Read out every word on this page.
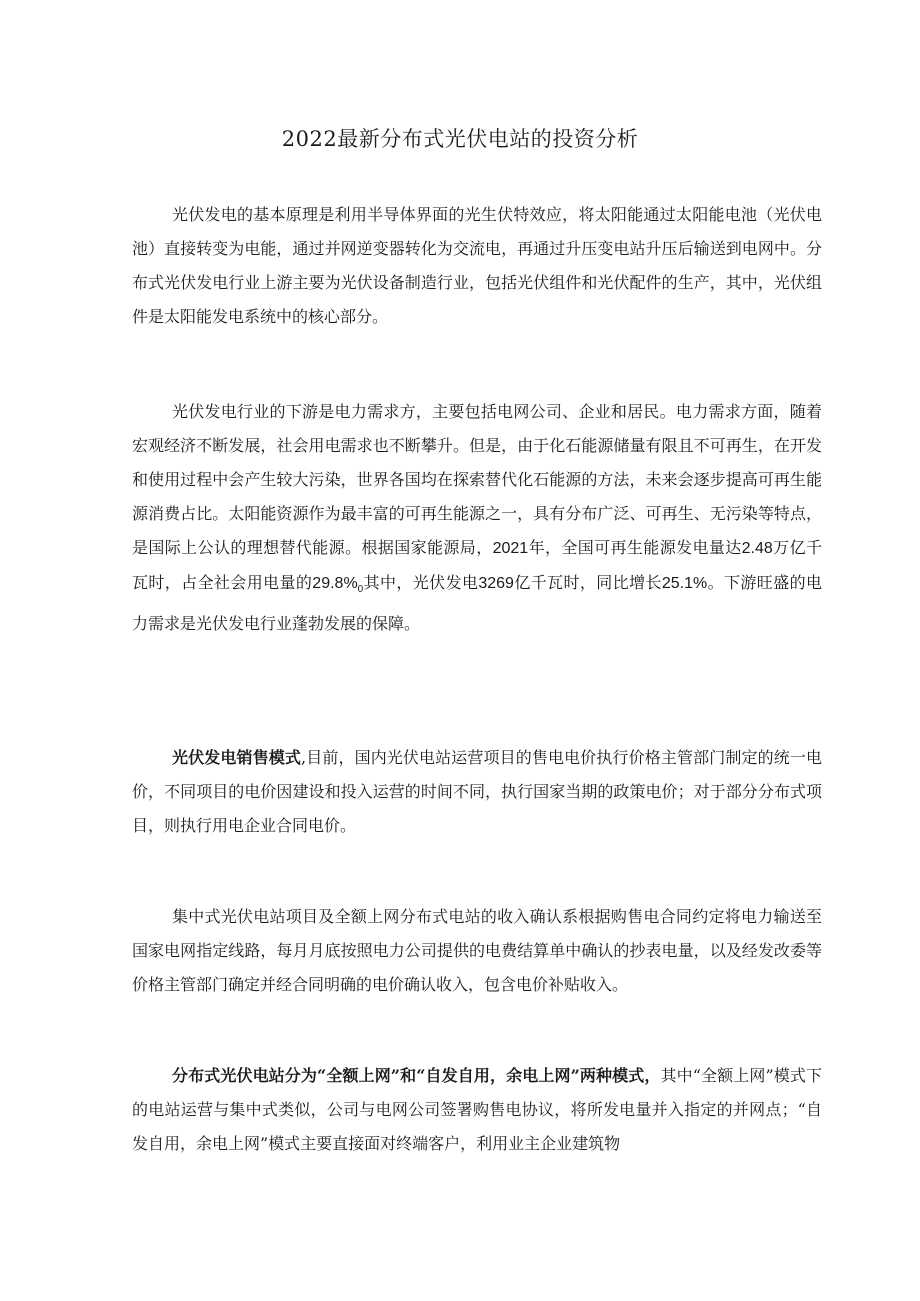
2022最新分布式光伏电站的投资分析

光伏发电的基本原理是利用半导体界面的光生伏特效应，将太阳能通过太阳能电池（光伏电池）直接转变为电能，通过并网逆变器转化为交流电，再通过升压变电站升压后输送到电网中。分布式光伏发电行业上游主要为光伏设备制造行业，包括光伏组件和光伏配件的生产，其中，光伏组件是太阳能发电系统中的核心部分。

光伏发电行业的下游是电力需求方，主要包括电网公司、企业和居民。电力需求方面，随着宏观经济不断发展，社会用电需求也不断攀升。但是，由于化石能源储量有限且不可再生，在开发和使用过程中会产生较大污染，世界各国均在探索替代化石能源的方法，未来会逐步提高可再生能源消费占比。太阳能资源作为最丰富的可再生能源之一，具有分布广泛、可再生、无污染等特点，是国际上公认的理想替代能源。根据国家能源局，2021年，全国可再生能源发电量达2.48万亿千瓦时，占全社会用电量的$29.8\%_0$其中，光伏发电3269亿千瓦时，同比增长25.1%。下游旺盛的电力需求是光伏发电行业蓬勃发展的保障。

光伏发电销售模式,目前，国内光伏电站运营项目的售电电价执行价格主管部门制定的统一电价，不同项目的电价因建设和投入运营的时间不同，执行国家当期的政策电价；对于部分分布式项目，则执行用电企业合同电价。

集中式光伏电站项目及全额上网分布式电站的收入确认系根据购售电合同约定将电力输送至国家电网指定线路，每月月底按照电力公司提供的电费结算单中确认的抄表电量，以及经发改委等价格主管部门确定并经合同明确的电价确认收入，包含电价补贴收入。

分布式光伏电站分为“全额上网”和“自发自用，余电上网”两种模式，其中“全额上网”模式下的电站运营与集中式类似，公司与电网公司签署购售电协议，将所发电量并入指定的并网点；“自发自用，余电上网”模式主要直接面对终端客户，利用业主企业建筑物
